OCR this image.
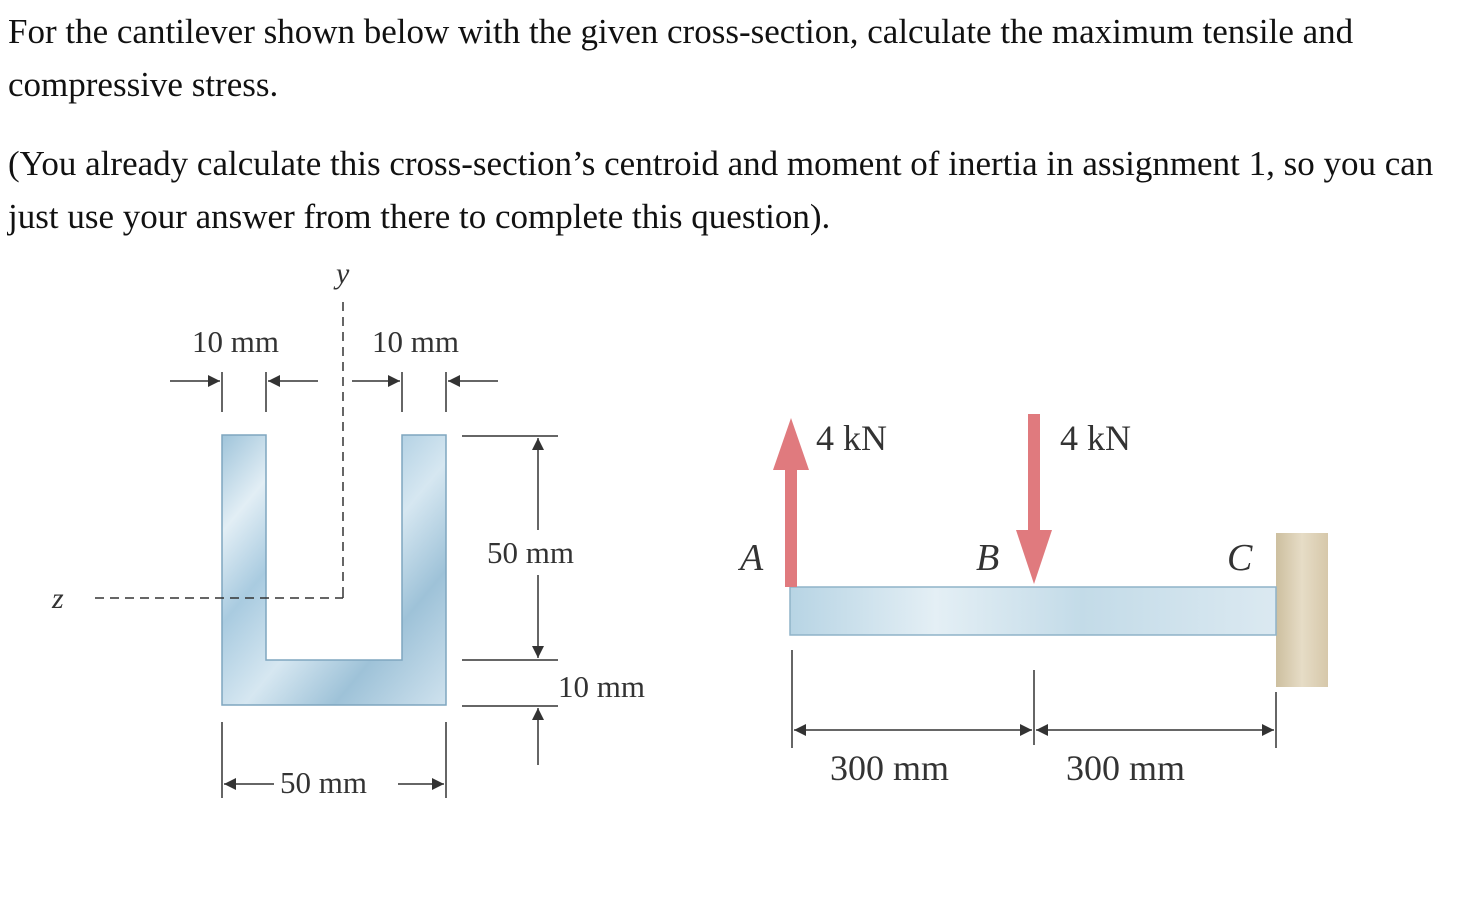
For the cantilever shown below with the given cross-section, calculate the maximum tensile and compressive stress.

(You already calculate this cross-section’s centroid and moment of inertia in assignment 1, so you can just use your answer from there to complete this question).

y
z
10 mm	10 mm
50 mm
10 mm
50 mm
4 kN	4 kN
A	B	C
300 mm	300 mm
